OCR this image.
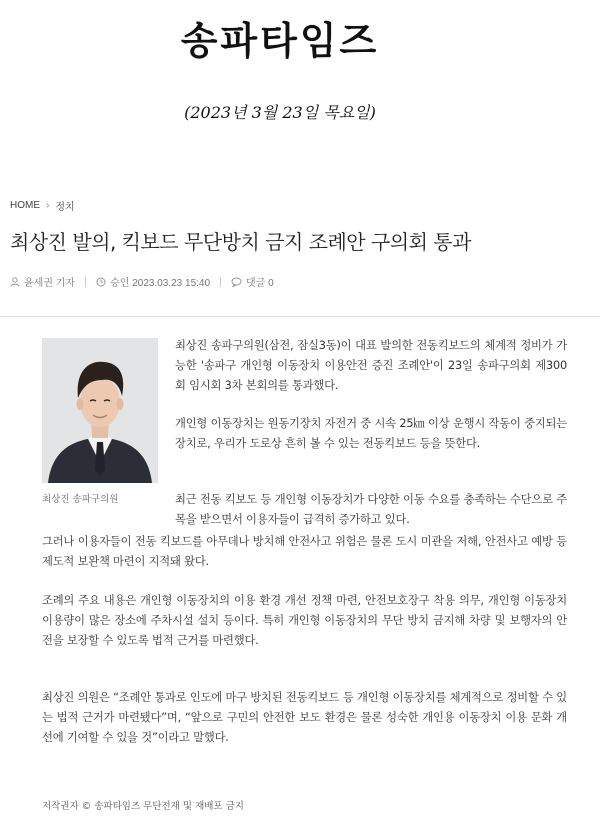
송파타임즈
(2023년 3월 23일 목요일)
HOME › 정치
최상진 발의, 킥보드 무단방치 금지 조례안 구의회 통과
윤세권 기자	승인 2023.03.23 15:40	댓글 0
최상진 송파구의원

최상진 송파구의원(삼전, 잠실3동)이 대표 발의한 전동킥보드의 체계적 정비가 가능한 '송파구 개인형 이동장치 이용안전 증진 조례안'이 23일 송파구의회 제300회 임시회 3차 본회의를 통과했다.

개인형 이동장치는 원동기장치 자전거 중 시속 25㎞ 이상 운행시 작동이 중지되는 장치로, 우리가 도로상 흔히 볼 수 있는 전동킥보드 등을 뜻한다.

최근 전동 킥보도 등 개인형 이동장치가 다양한 이동 수요를 충족하는 수단으로 주목을 받으면서 이용자들이 급격히 증가하고 있다.

그러나 이용자들이 전동 킥보드를 아무데나 방치해 안전사고 위험은 물론 도시 미관을 저해, 안전사고 예방 등 제도적 보완책 마련이 지적돼 왔다.

조례의 주요 내용은 개인형 이동장치의 이용 환경 개선 정책 마련, 안전보호장구 착용 의무, 개인형 이동장치 이용량이 많은 장소에 주차시설 설치 등이다. 특히 개인형 이동장치의 무단 방치 금지해 차량 및 보행자의 안전을 보장할 수 있도록 법적 근거를 마련했다.

최상진 의원은 “조례안 통과로 인도에 마구 방치된 전동킥보드 등 개인형 이동장치를 체계적으로 정비할 수 있는 법적 근거가 마련됐다”며, “앞으로 구민의 안전한 보도 환경은 물론 성숙한 개인용 이동장치 이용 문화 개선에 기여할 수 있을 것”이라고 말했다.

저작권자 © 송파타임즈 무단전재 및 재배포 금지
